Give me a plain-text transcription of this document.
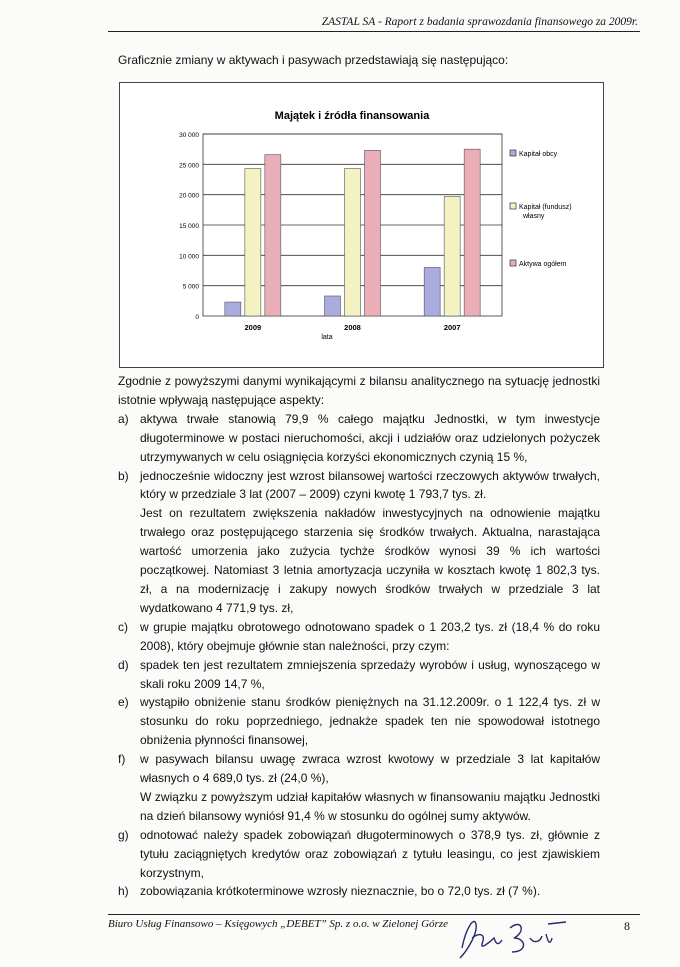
ZASTAL SA - Raport z badania sprawozdania finansowego za 2009r.
Graficznie zmiany w aktywach i pasywach przedstawiają się następująco:
Majątek i źródła finansowania
0
5 000
10 000
15 000
20 000
25 000
30 000
2009	2008	2007
lata
Kapitał obcy
Kapitał (fundusz)
własny
Aktywa ogółem

Zgodnie z powyższymi danymi wynikającymi z bilansu analitycznego na sytuację jednostki istotnie wpływają następujące aspekty:

a) aktywa trwałe stanowią 79,9 % całego majątku Jednostki, w tym inwestycje długoterminowe w postaci nieruchomości, akcji i udziałów oraz udzielonych pożyczek utrzymywanych w celu osiągnięcia korzyści ekonomicznych czynią 15 %,
b) jednocześnie widoczny jest wzrost bilansowej wartości rzeczowych aktywów trwałych, który w przedziale 3 lat (2007 – 2009) czyni kwotę 1 793,7 tys. zł.
Jest on rezultatem zwiększenia nakładów inwestycyjnych na odnowienie majątku trwałego oraz postępującego starzenia się środków trwałych. Aktualna, narastająca wartość umorzenia jako zużycia tychże środków wynosi 39 % ich wartości początkowej. Natomiast 3 letnia amortyzacja uczyniła w kosztach kwotę 1 802,3 tys. zł, a na modernizację i zakupy nowych środków trwałych w przedziale 3 lat wydatkowano 4 771,9 tys. zł,
c) w grupie majątku obrotowego odnotowano spadek o 1 203,2 tys. zł (18,4 % do roku 2008), który obejmuje głównie stan należności, przy czym:
d) spadek ten jest rezultatem zmniejszenia sprzedaży wyrobów i usług, wynoszącego w skali roku 2009 14,7 %,
e) wystąpiło obniżenie stanu środków pieniężnych na 31.12.2009r. o 1 122,4 tys. zł w stosunku do roku poprzedniego, jednakże spadek ten nie spowodował istotnego obniżenia płynności finansowej,
f) w pasywach bilansu uwagę zwraca wzrost kwotowy w przedziale 3 lat kapitałów własnych o 4 689,0 tys. zł (24,0 %),
W związku z powyższym udział kapitałów własnych w finansowaniu majątku Jednostki na dzień bilansowy wyniósł 91,4 % w stosunku do ogólnej sumy aktywów.
g) odnotować należy spadek zobowiązań długoterminowych o 378,9 tys. zł, głównie z tytułu zaciągniętych kredytów oraz zobowiązań z tytułu leasingu, co jest zjawiskiem korzystnym,
h) zobowiązania krótkoterminowe wzrosły nieznacznie, bo o 72,0 tys. zł (7 %).
Biuro Usług Finansowo – Księgowych „DEBET” Sp. z o.o. w Zielonej Górze	8
